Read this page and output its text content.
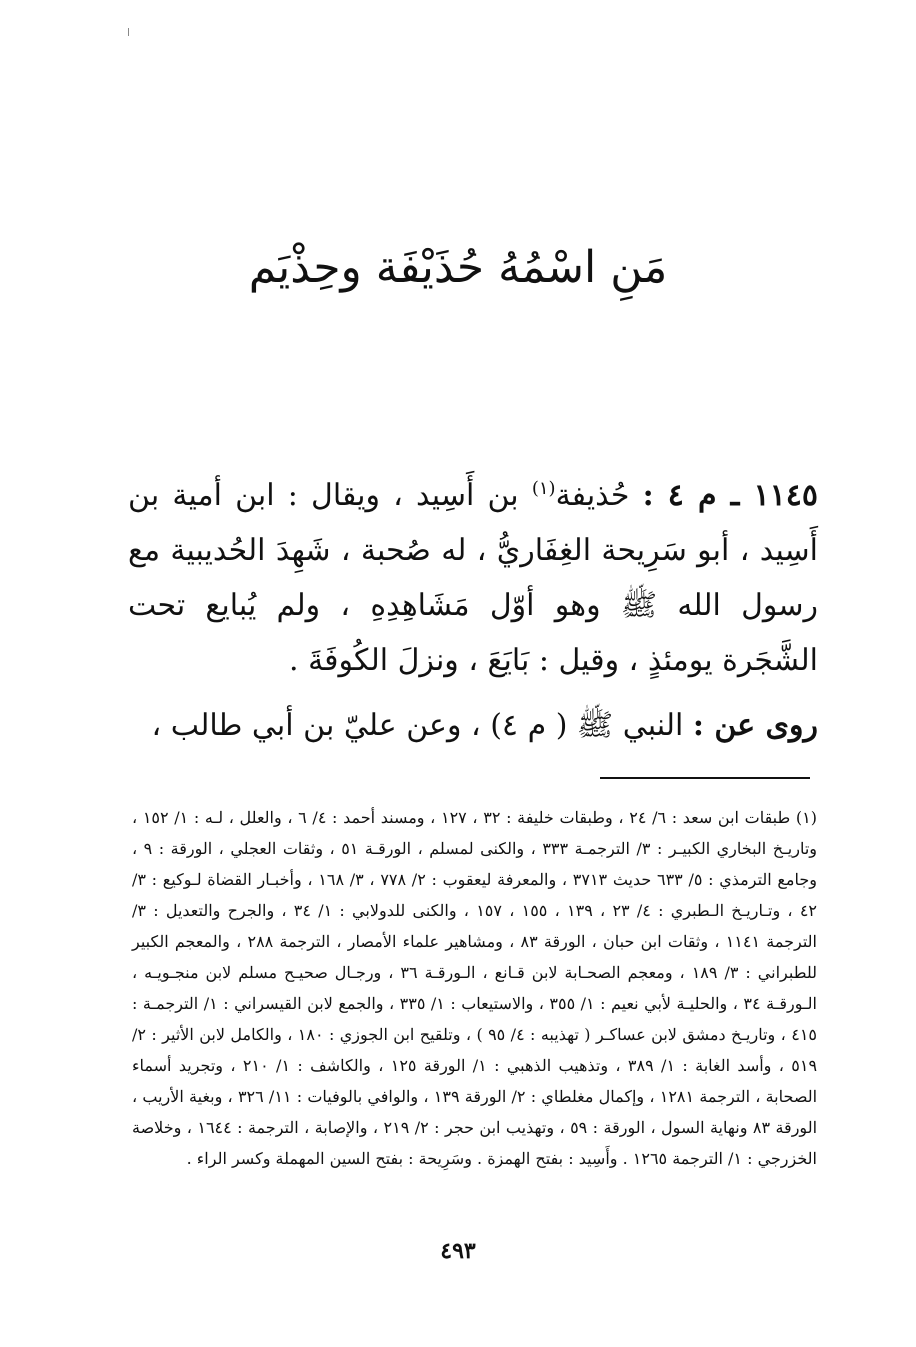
مَنِ اسْمُهُ حُذَيْفَة وحِذْيَم

١١٤٥ ـ م ٤ : حُذيفة$^{(١)}$ بن أَسِيد ، ويقال : ابن أمية بن أَسِيد ، أبو سَرِيحة الغِفَاريُّ ، له صُحبة ، شَهِدَ الحُديبية مع رسول الله ﷺ وهو أوّل مَشَاهِدِهِ ، ولم يُبايع تحت الشَّجَرة يومئذٍ ، وقيل : بَايَعَ ، ونزلَ الكُوفَةَ .

روى عن : النبي ﷺ ( م ٤) ، وعن عليّ بن أبي طالب ،

(١) طبقات ابن سعد : ٦/ ٢٤ ، وطبقات خليفة : ٣٢ ، ١٢٧ ، ومسند أحمد : ٤/ ٦ ، والعلل ، لـه : ١/ ١٥٢ ، وتاريـخ البخاري الكبيـر : ٣/ الترجمـة ٣٣٣ ، والكنى لمسلم ، الورقـة ٥١ ، وثقات العجلي ، الورقة : ٩ ، وجامع الترمذي : ٥/ ٦٣٣ حديث ٣٧١٣ ، والمعرفة ليعقوب : ٢/ ٧٧٨ ، ٣/ ١٦٨ ، وأخبـار القضاة لـوكيع : ٣/ ٤٢ ، وتـاريـخ الـطبري : ٤/ ٢٣ ، ١٣٩ ، ١٥٥ ، ١٥٧ ، والكنى للدولابي : ١/ ٣٤ ، والجرح والتعديل : ٣/ الترجمة ١١٤١ ، وثقات ابن حبان ، الورقة ٨٣ ، ومشاهير علماء الأمصار ، الترجمة ٢٨٨ ، والمعجم الكبير للطبراني : ٣/ ١٨٩ ، ومعجم الصحـابة لابن قـانع ، الـورقـة ٣٦ ، ورجـال صحيـح مسلم لابن منجـويـه ، الـورقـة ٣٤ ، والحليـة لأبي نعيم : ١/ ٣٥٥ ، والاستيعاب : ١/ ٣٣٥ ، والجمع لابن القيسراني : ١/ الترجمـة : ٤١٥ ، وتاريـخ دمشق لابن عساكـر ( تهذيبه : ٤/ ٩٥ ) ، وتلقيح ابن الجوزي : ١٨٠ ، والكامل لابن الأثير : ٢/ ٥١٩ ، وأسد الغابة : ١/ ٣٨٩ ، وتذهيب الذهبي : ١/ الورقة ١٢٥ ، والكاشف : ١/ ٢١٠ ، وتجريد أسماء الصحابة ، الترجمة ١٢٨١ ، وإكمال مغلطاي : ٢/ الورقة ١٣٩ ، والوافي بالوفيات : ١١/ ٣٢٦ ، وبغية الأريب ، الورقة ٨٣ ونهاية السول ، الورقة : ٥٩ ، وتهذيب ابن حجر : ٢/ ٢١٩ ، والإصابة ، الترجمة : ١٦٤٤ ، وخلاصة الخزرجي : ١/ الترجمة ١٢٦٥ . وأَسِيد : بفتح الهمزة . وسَرِيحة : بفتح السين المهملة وكسر الراء .

٤٩٣
